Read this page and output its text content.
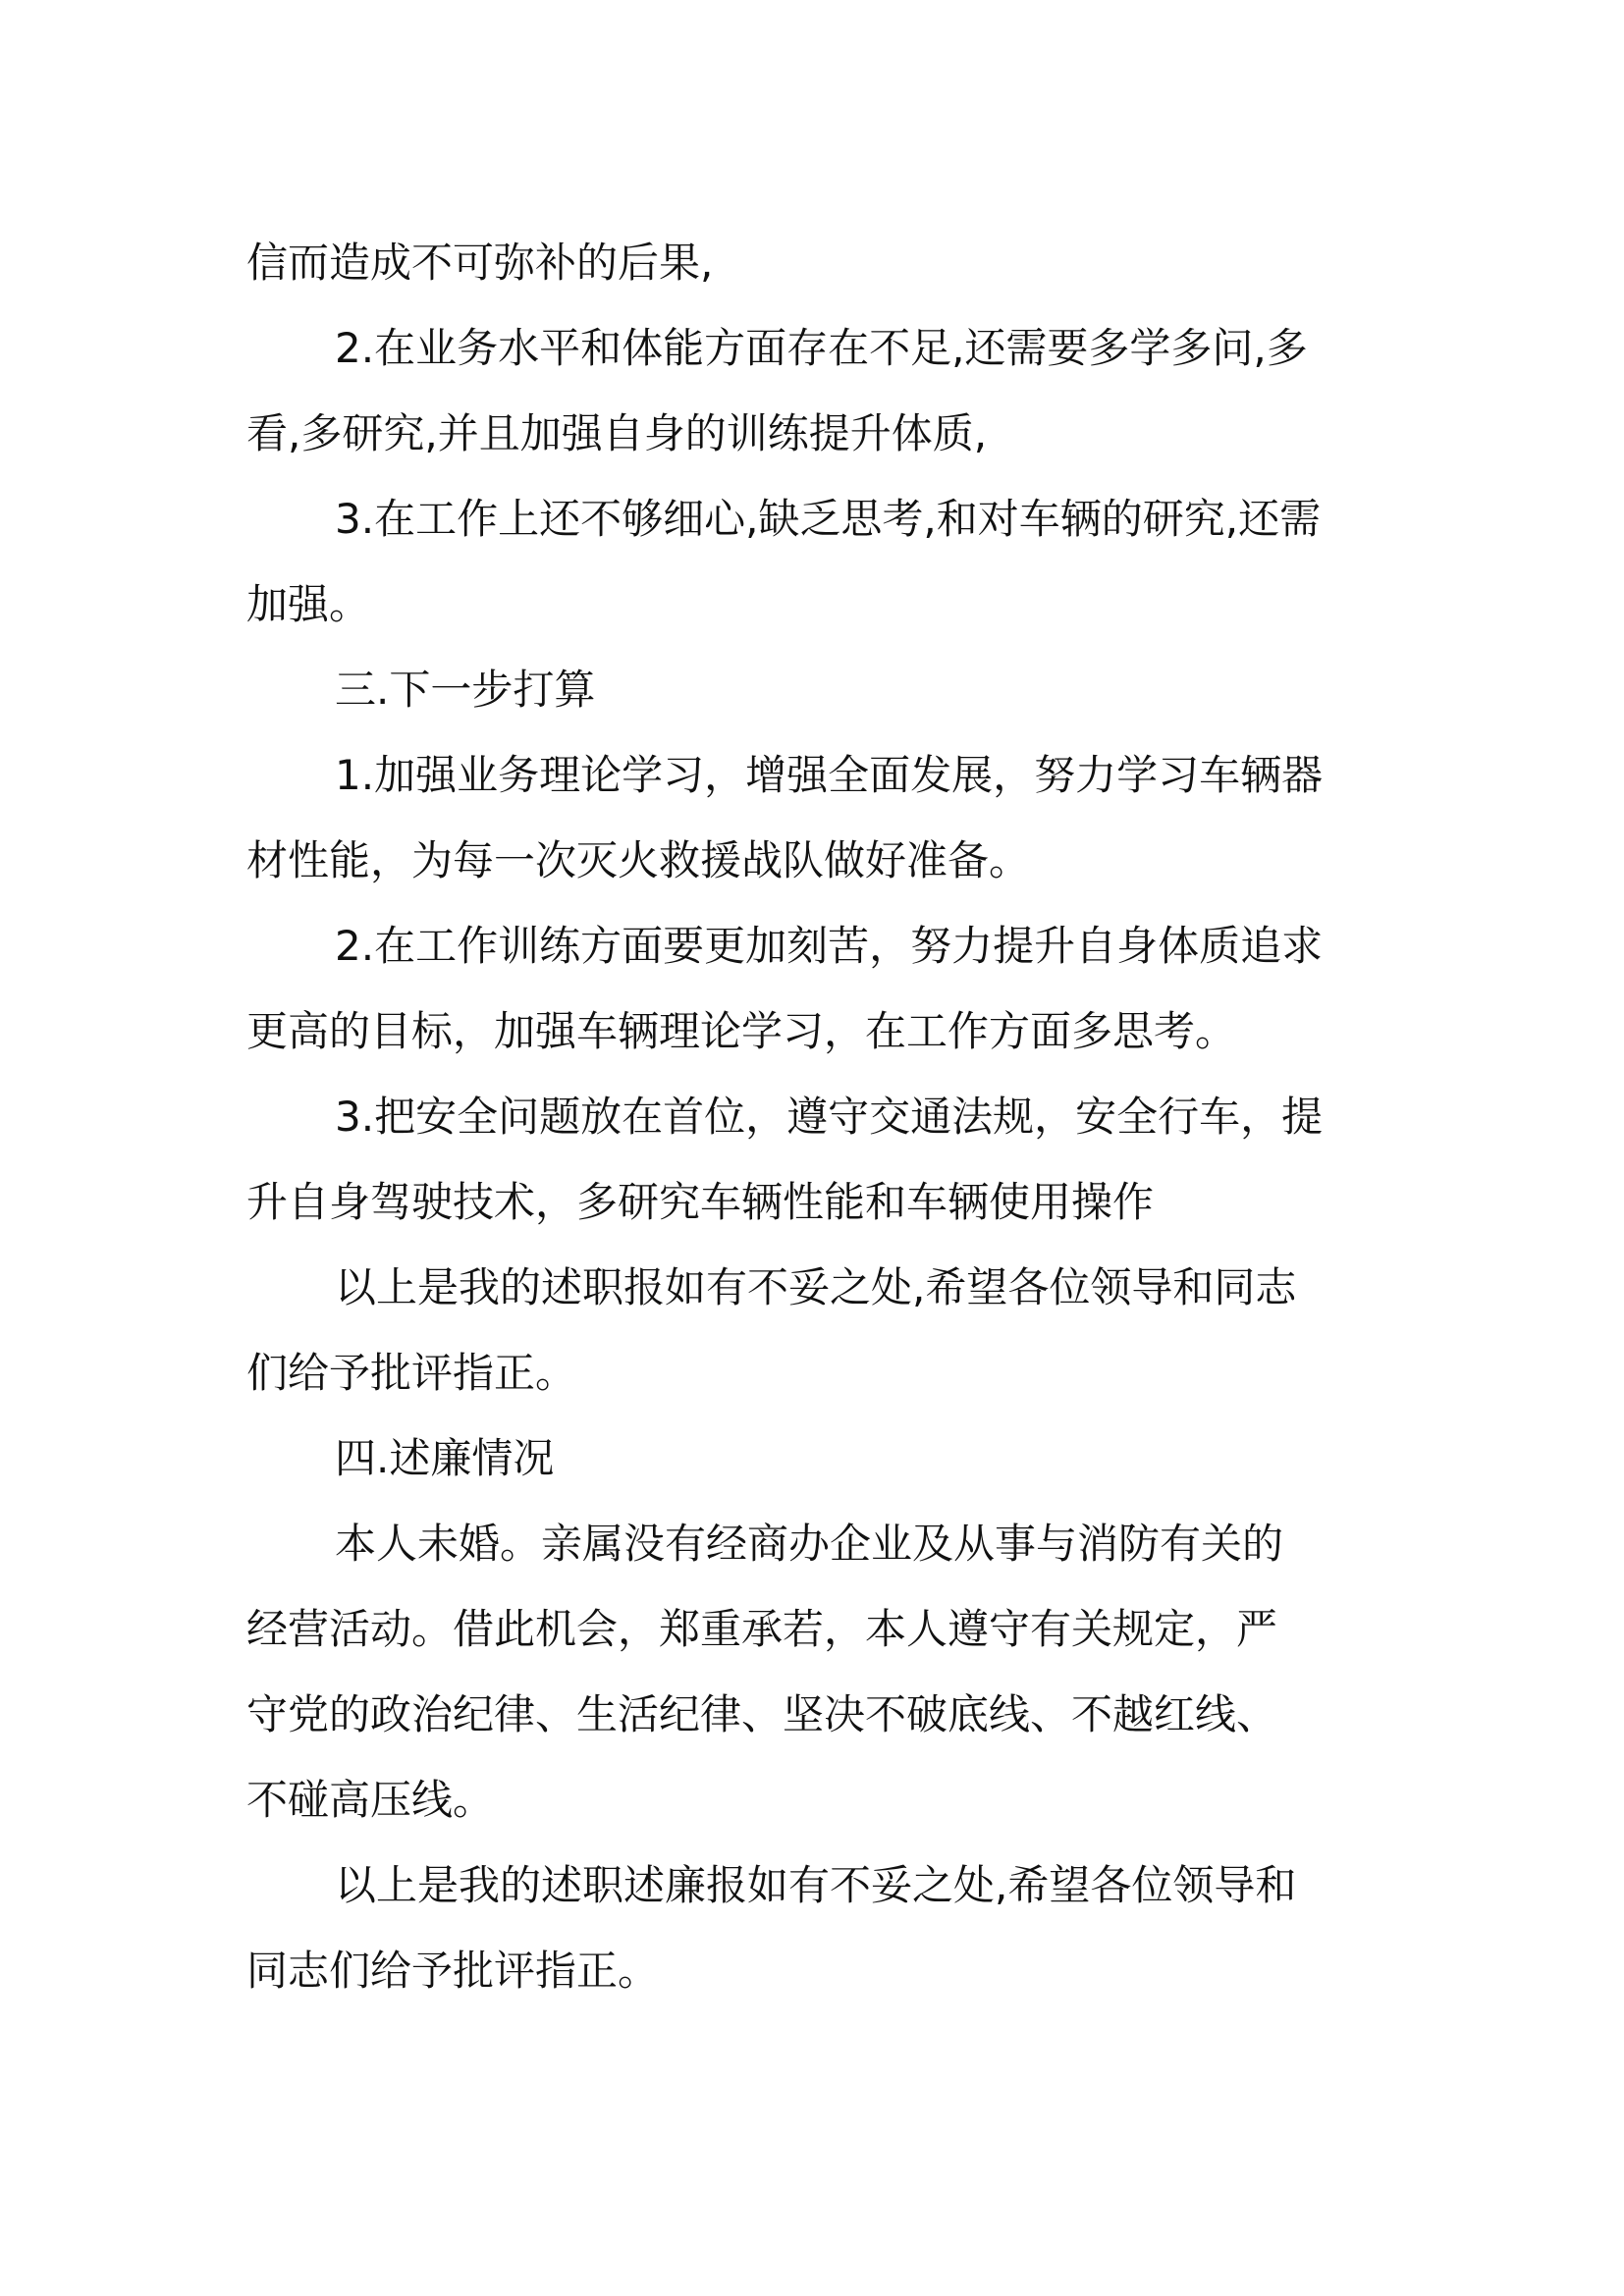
信而造成不可弥补的后果,
2.在业务水平和体能方面存在不足,还需要多学多问,多
看,多研究,并且加强自身的训练提升体质,
3.在工作上还不够细心,缺乏思考,和对车辆的研究,还需
加强。
三.下一步打算
1.加强业务理论学习，增强全面发展，努力学习车辆器
材性能，为每一次灭火救援战队做好准备。
2.在工作训练方面要更加刻苦，努力提升自身体质追求
更高的目标，加强车辆理论学习，在工作方面多思考。
3.把安全问题放在首位，遵守交通法规，安全行车，提
升自身驾驶技术，多研究车辆性能和车辆使用操作
以上是我的述职报如有不妥之处,希望各位领导和同志
们给予批评指正。
四.述廉情况
本人未婚。亲属没有经商办企业及从事与消防有关的
经营活动。借此机会，郑重承若，本人遵守有关规定，严
守党的政治纪律、生活纪律、坚决不破底线、不越红线、
不碰高压线。
以上是我的述职述廉报如有不妥之处,希望各位领导和
同志们给予批评指正。
